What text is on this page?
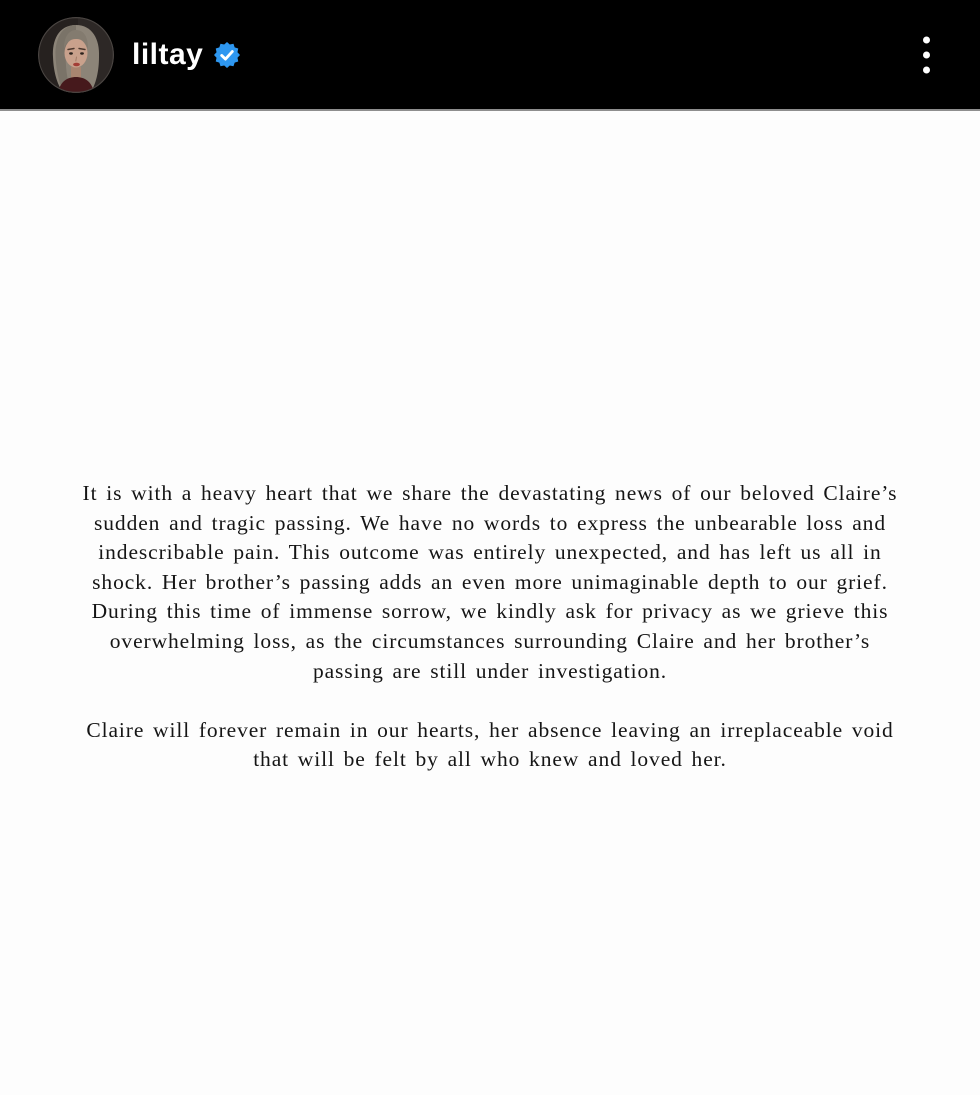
liltay
It is with a heavy heart that we share the devastating news of our beloved Claire’s
sudden and tragic passing. We have no words to express the unbearable loss and
indescribable pain. This outcome was entirely unexpected, and has left us all in
shock. Her brother’s passing adds an even more unimaginable depth to our grief.
During this time of immense sorrow, we kindly ask for privacy as we grieve this
overwhelming loss, as the circumstances surrounding Claire and her brother’s
passing are still under investigation.
Claire will forever remain in our hearts, her absence leaving an irreplaceable void
that will be felt by all who knew and loved her.
